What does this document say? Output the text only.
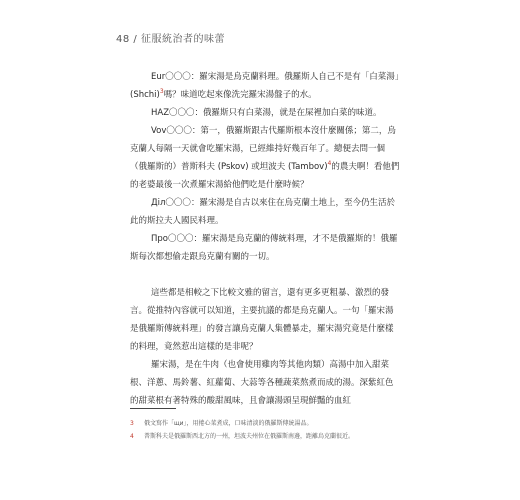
48 / 征服統治者的味蕾

Eur〇〇〇：羅宋湯是烏克蘭料理。俄羅斯人自己不是有「白菜湯」(Shchi)$^3$嗎？味道吃起來像洗完羅宋湯盤子的水。

HAZ〇〇〇：俄羅斯只有白菜湯，就是在屎裡加白菜的味道。

Vov〇〇〇：第一，俄羅斯跟古代羅斯根本沒什麼關係；第二，烏克蘭人每隔一天就會吃羅宋湯，已經維持好幾百年了。總便去問一個（俄羅斯的）普斯科夫 (Pskov) 或坦波夫 (Tambov)$^4$的農夫啊！看他們的老婆最後一次煮羅宋湯給他們吃是什麼時候？

Діл〇〇〇：羅宋湯是自古以來住在烏克蘭土地上，至今仍生活於此的斯拉夫人國民料理。

Про〇〇〇：羅宋湯是烏克蘭的傳統料理，才不是俄羅斯的！俄羅斯每次都想偷走跟烏克蘭有關的一切。

這些都是相較之下比較文雅的留言，還有更多更粗暴、激烈的發言。從推特內容就可以知道，主要抗議的都是烏克蘭人。一句「羅宋湯是俄羅斯傳統料理」的發言讓烏克蘭人集體暴走，羅宋湯究竟是什麼樣的料理，竟然惹出這樣的是非呢？

羅宋湯，是在牛肉（也會使用雞肉等其他肉類）高湯中加入甜菜根、洋蔥、馬鈴薯、紅蘿蔔、大蒜等各種蔬菜熬煮而成的湯。深紫紅色的甜菜根有著特殊的酸甜風味，且會讓湯頭呈現鮮豔的血紅

3	俄文寫作「щи」，用捲心菜煮成，口味清淡的俄羅斯傳統湯品。
4	普斯科夫是俄羅斯西北方的一州，坦波夫州位在俄羅斯南邊，距離烏克蘭很近。
